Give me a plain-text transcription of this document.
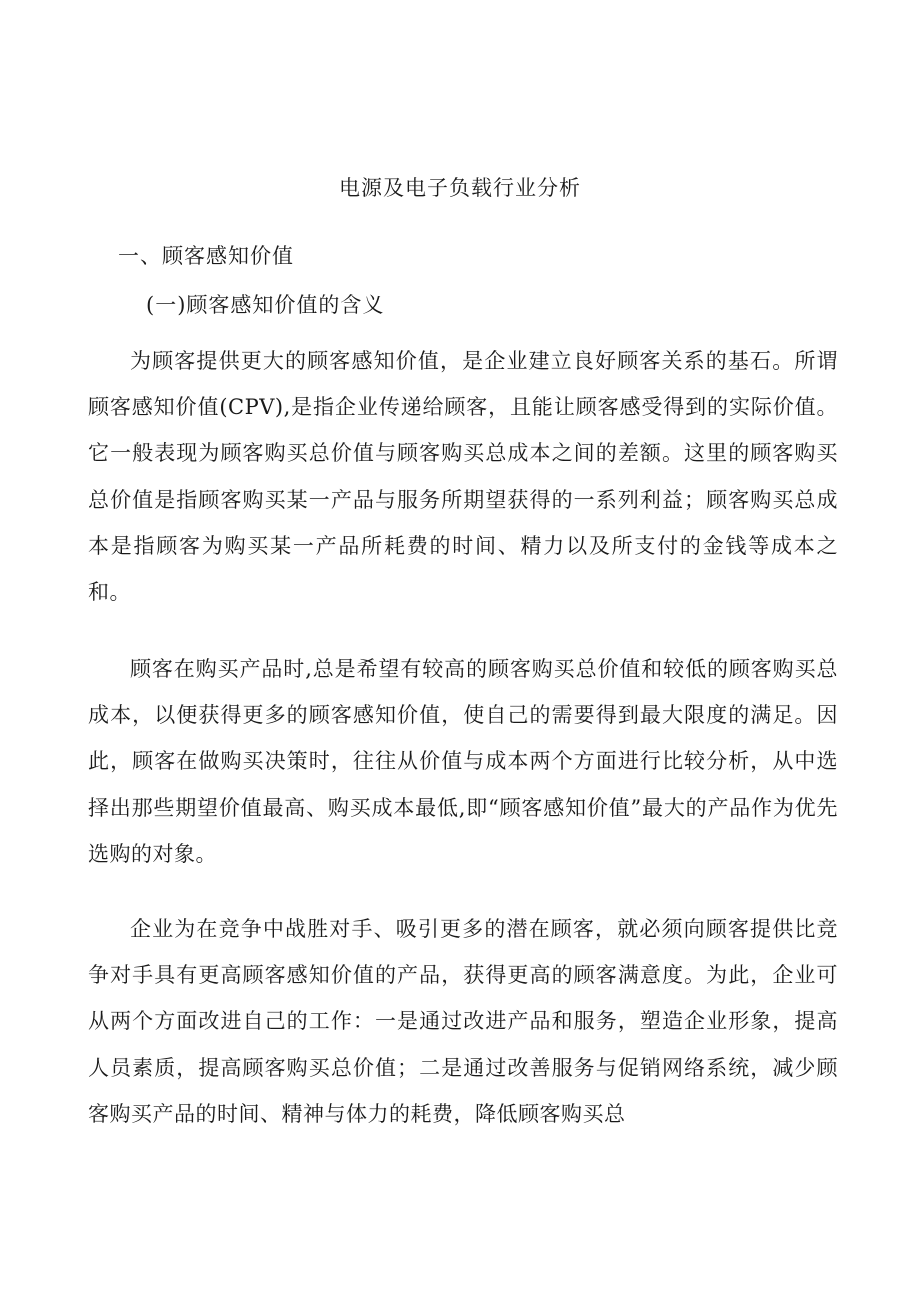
电源及电子负载行业分析
一、顾客感知价值
(一)顾客感知价值的含义

为顾客提供更大的顾客感知价值，是企业建立良好顾客关系的基石。所谓顾客感知价值(CPV),是指企业传递给顾客，且能让顾客感受得到的实际价值。它一般表现为顾客购买总价值与顾客购买总成本之间的差额。这里的顾客购买总价值是指顾客购买某一产品与服务所期望获得的一系列利益；顾客购买总成本是指顾客为购买某一产品所耗费的时间、精力以及所支付的金钱等成本之和。

顾客在购买产品时,总是希望有较高的顾客购买总价值和较低的顾客购买总成本，以便获得更多的顾客感知价值，使自己的需要得到最大限度的满足。因此，顾客在做购买决策时，往往从价值与成本两个方面进行比较分析，从中选择出那些期望价值最高、购买成本最低,即“顾客感知价值”最大的产品作为优先选购的对象。

企业为在竞争中战胜对手、吸引更多的潜在顾客，就必须向顾客提供比竞争对手具有更高顾客感知价值的产品，获得更高的顾客满意度。为此，企业可从两个方面改进自己的工作：一是通过改进产品和服务，塑造企业形象，提高人员素质，提高顾客购买总价值；二是通过改善服务与促销网络系统，减少顾客购买产品的时间、精神与体力的耗费，降低顾客购买总
